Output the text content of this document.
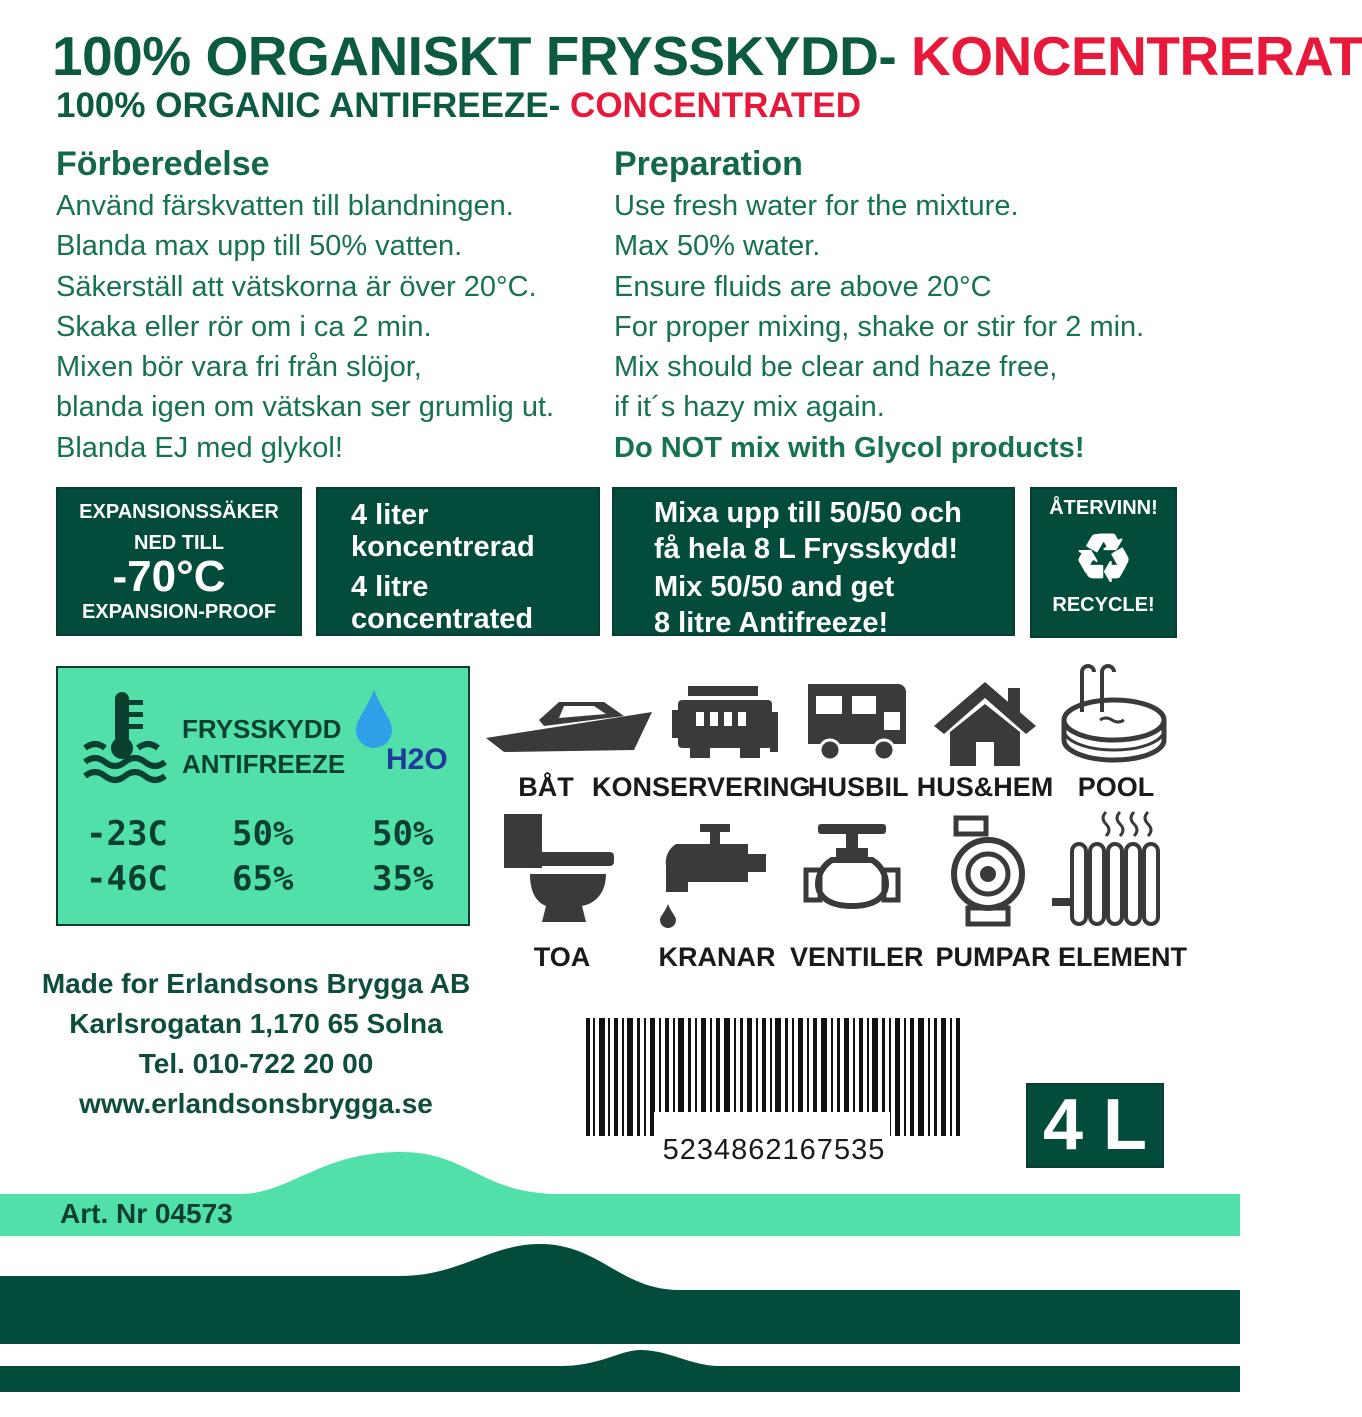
100% ORGANISKT FRYSSKYDD- KONCENTRERAT
100% ORGANIC ANTIFREEZE- CONCENTRATED
Förberedelse
Använd färskvatten till blandningen.
Blanda max upp till 50% vatten.
Säkerställ att vätskorna är över 20°C.
Skaka eller rör om i ca 2 min.
Mixen bör vara fri från slöjor,
blanda igen om vätskan ser grumlig ut.
Blanda EJ med glykol!
Preparation
Use fresh water for the mixture.
Max 50% water.
Ensure fluids are above 20°C
For proper mixing, shake or stir for 2 min.
Mix should be clear and haze free,
if it´s hazy mix again.
Do NOT mix with Glycol products!
EXPANSIONSSÄKER
NED TILL
-70°C
EXPANSION-PROOF
4 liter
koncentrerad
4 litre
concentrated
Mixa upp till 50/50 och
få hela 8 L Frysskydd!
Mix 50/50 and get
8 litre Antifreeze!
ÅTERVINN!
♻
RECYCLE!
FRYSSKYDD
ANTIFREEZE H2O
-23C 50% 50%
-46C 65% 35%
BÅT KONSERVERING
HUSBIL HUS&HEM POOL
TOA	KRANAR VENTILER PUMPAR ELEMENT
Made for Erlandsons Brygga AB
Karlsrogatan 1,170 65 Solna
Tel. 010-722 20 00
www.erlandsonsbrygga.se
5234862167535	4 L
Art. Nr 04573
